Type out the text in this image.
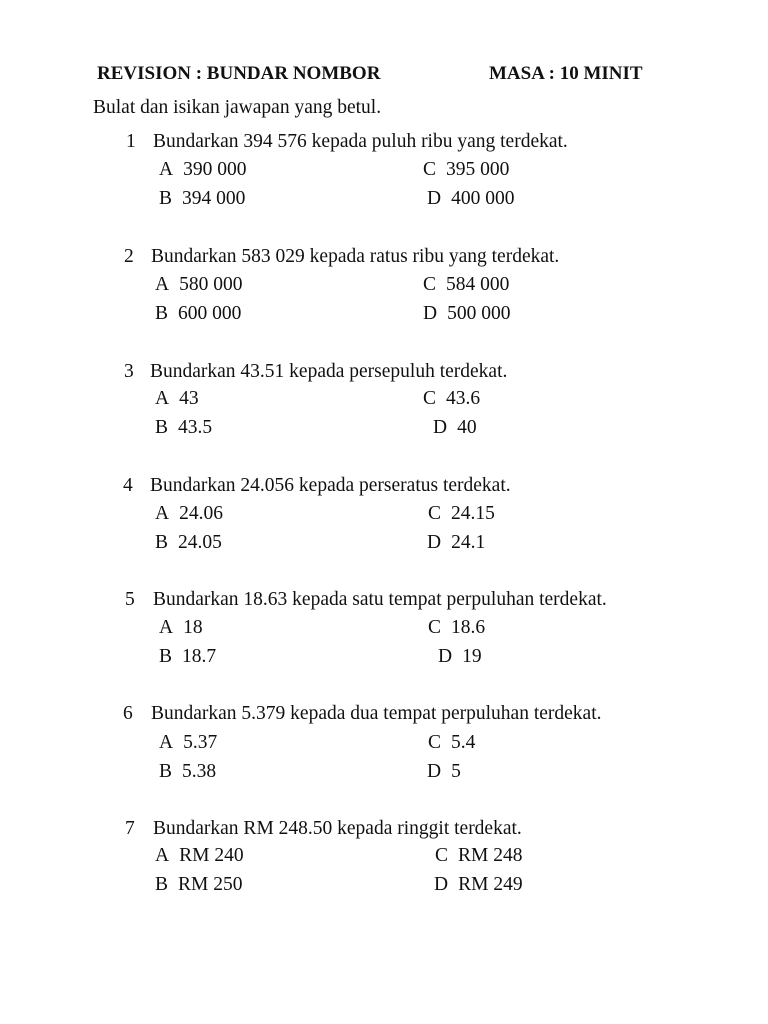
REVISION : BUNDAR NOMBOR	MASA : 10 MINIT
Bulat dan isikan jawapan yang betul.
1 Bundarkan 394 576 kepada puluh ribu yang terdekat.
A 390 000
B 394 000
C 395 000
D 400 000
2 Bundarkan 583 029 kepada ratus ribu yang terdekat.
A 580 000
B 600 000
C 584 000
D 500 000
3 Bundarkan 43.51 kepada persepuluh terdekat.
A 43
B 43.5
C 43.6
D 40
4 Bundarkan 24.056 kepada perseratus terdekat.
A 24.06
B 24.05
C 24.15
D 24.1
5 Bundarkan 18.63 kepada satu tempat perpuluhan terdekat.
A 18
B 18.7
C 18.6
D 19
6 Bundarkan 5.379 kepada dua tempat perpuluhan terdekat.
A 5.37
B 5.38
C 5.4
D 5
7 Bundarkan RM 248.50 kepada ringgit terdekat.
A RM 240
B RM 250
C RM 248
D RM 249
